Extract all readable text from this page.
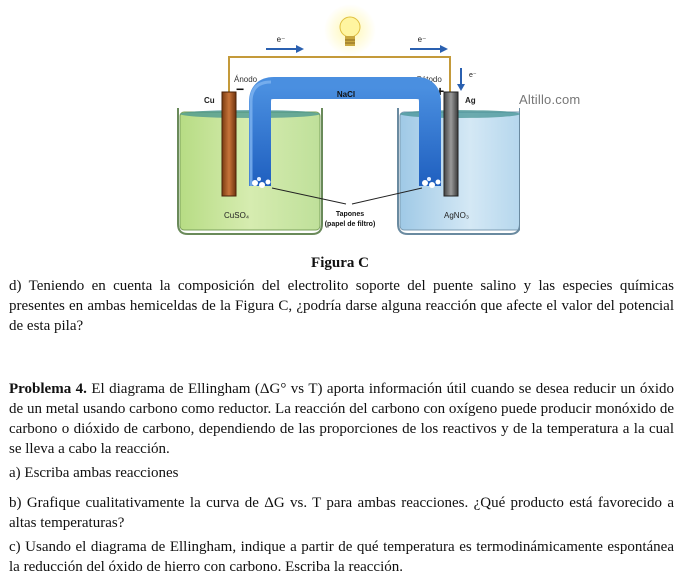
e⁻	e⁻
e⁻
Ánodo
−
Cátodo
+
Cu	Ag
NaCl
CuSO₄	AgNO₃
Tapones
(papel de filtro)
Altillo.com
Figura C
d) Teniendo en cuenta la composición del electrolito soporte del puente salino y las especies químicas presentes en ambas hemiceldas de la Figura C, ¿podría darse alguna reacción que afecte el valor del potencial de esta pila?
Problema 4. El diagrama de Ellingham (ΔG° vs T) aporta información útil cuando se desea reducir un óxido de un metal usando carbono como reductor. La reacción del carbono con oxígeno puede producir monóxido de carbono o dióxido de carbono, dependiendo de las proporciones de los reactivos y de la temperatura a la cual se lleva a cabo la reacción.
a) Escriba ambas reacciones
b) Grafique cualitativamente la curva de ΔG vs. T para ambas reacciones. ¿Qué producto está favorecido a altas temperaturas?
c) Usando el diagrama de Ellingham, indique a partir de qué temperatura es termodinámicamente espontánea la reducción del óxido de hierro con carbono. Escriba la reacción.
